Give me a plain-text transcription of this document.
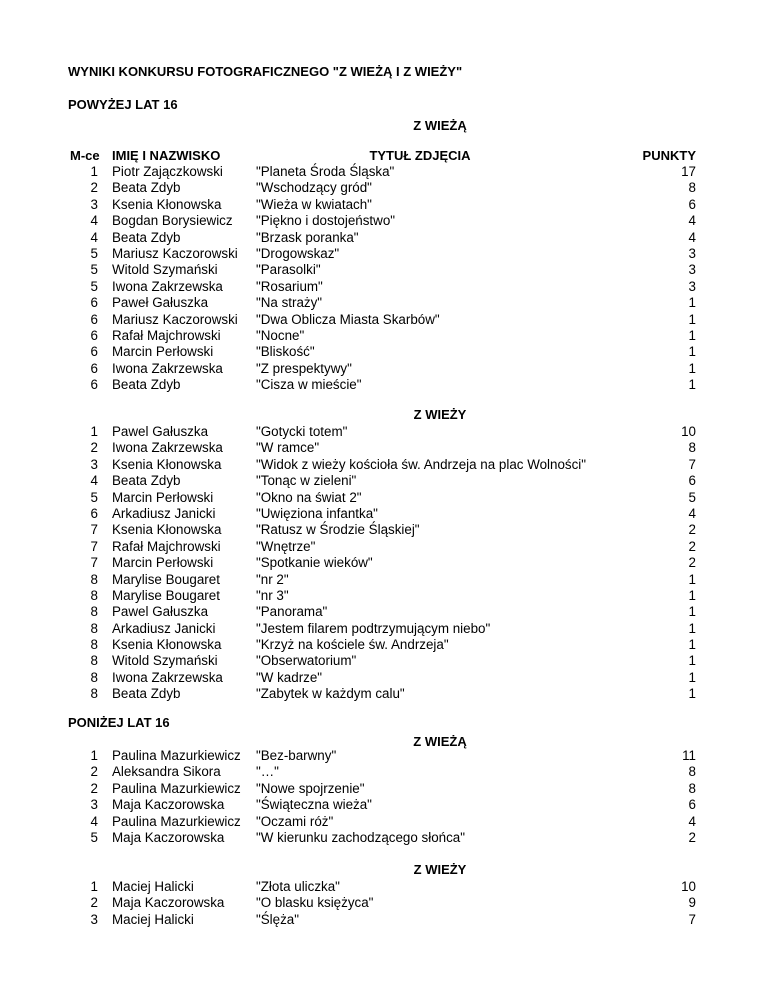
WYNIKI KONKURSU FOTOGRAFICZNEGO "Z WIEŻĄ I Z WIEŻY"
POWYŻEJ LAT 16
Z WIEŻĄ
M-ce IMIĘ I NAZWISKO	TYTUŁ ZDJĘCIA	PUNKTY
1 Piotr Zajączkowski "Planeta Środa Śląska"	17
2 Beata Zdyb	"Wschodzący gród"	8
3 Ksenia Kłonowska	"Wieża w kwiatach"	6
4 Bogdan Borysiewicz "Piękno i dostojeństwo"	4
4 Beata Zdyb	"Brzask poranka"	4
5 Mariusz Kaczorowski "Drogowskaz"	3
5 Witold Szymański	"Parasolki"	3
5 Iwona Zakrzewska "Rosarium"	3
6 Paweł Gałuszka	"Na straży"	1
6 Mariusz Kaczorowski "Dwa Oblicza Miasta Skarbów"	1
6 Rafał Majchrowski	"Nocne"	1
6 Marcin Perłowski	"Bliskość"	1
6 Iwona Zakrzewska "Z prespektywy"	1
6 Beata Zdyb	"Cisza w mieście"	1
Z WIEŻY
1 Pawel Gałuszka	"Gotycki totem"	10
2 Iwona Zakrzewska "W ramce"	8
3 Ksenia Kłonowska	"Widok z wieży kościoła św. Andrzeja na plac Wolności"	7
4 Beata Zdyb	"Tonąc w zieleni"	6
5 Marcin Perłowski	"Okno na świat 2"	5
6 Arkadiusz Janicki	"Uwięziona infantka"	4
7 Ksenia Kłonowska	"Ratusz w Środzie Śląskiej"	2
7 Rafał Majchrowski	"Wnętrze"	2
7 Marcin Perłowski	"Spotkanie wieków"	2
8 Marylise Bougaret	"nr 2"	1
8 Marylise Bougaret	"nr 3"	1
8 Pawel Gałuszka	"Panorama"	1
8 Arkadiusz Janicki	"Jestem filarem podtrzymującym niebo"	1
8 Ksenia Kłonowska	"Krzyż na kościele św. Andrzeja"	1
8 Witold Szymański	"Obserwatorium"	1
8 Iwona Zakrzewska "W kadrze"	1
8 Beata Zdyb	"Zabytek w każdym calu"	1
PONIŻEJ LAT 16
Z WIEŻĄ
1 Paulina Mazurkiewicz "Bez-barwny"	11
2 Aleksandra Sikora	"…"	8
2 Paulina Mazurkiewicz "Nowe spojrzenie"	8
3 Maja Kaczorowska "Świąteczna wieża"	6
4 Paulina Mazurkiewicz "Oczami róż"	4
5 Maja Kaczorowska "W kierunku zachodzącego słońca"	2
Z WIEŻY
1 Maciej Halicki	"Złota uliczka"	10
2 Maja Kaczorowska "O blasku księżyca"	9
3 Maciej Halicki	"Ślęża"	7
